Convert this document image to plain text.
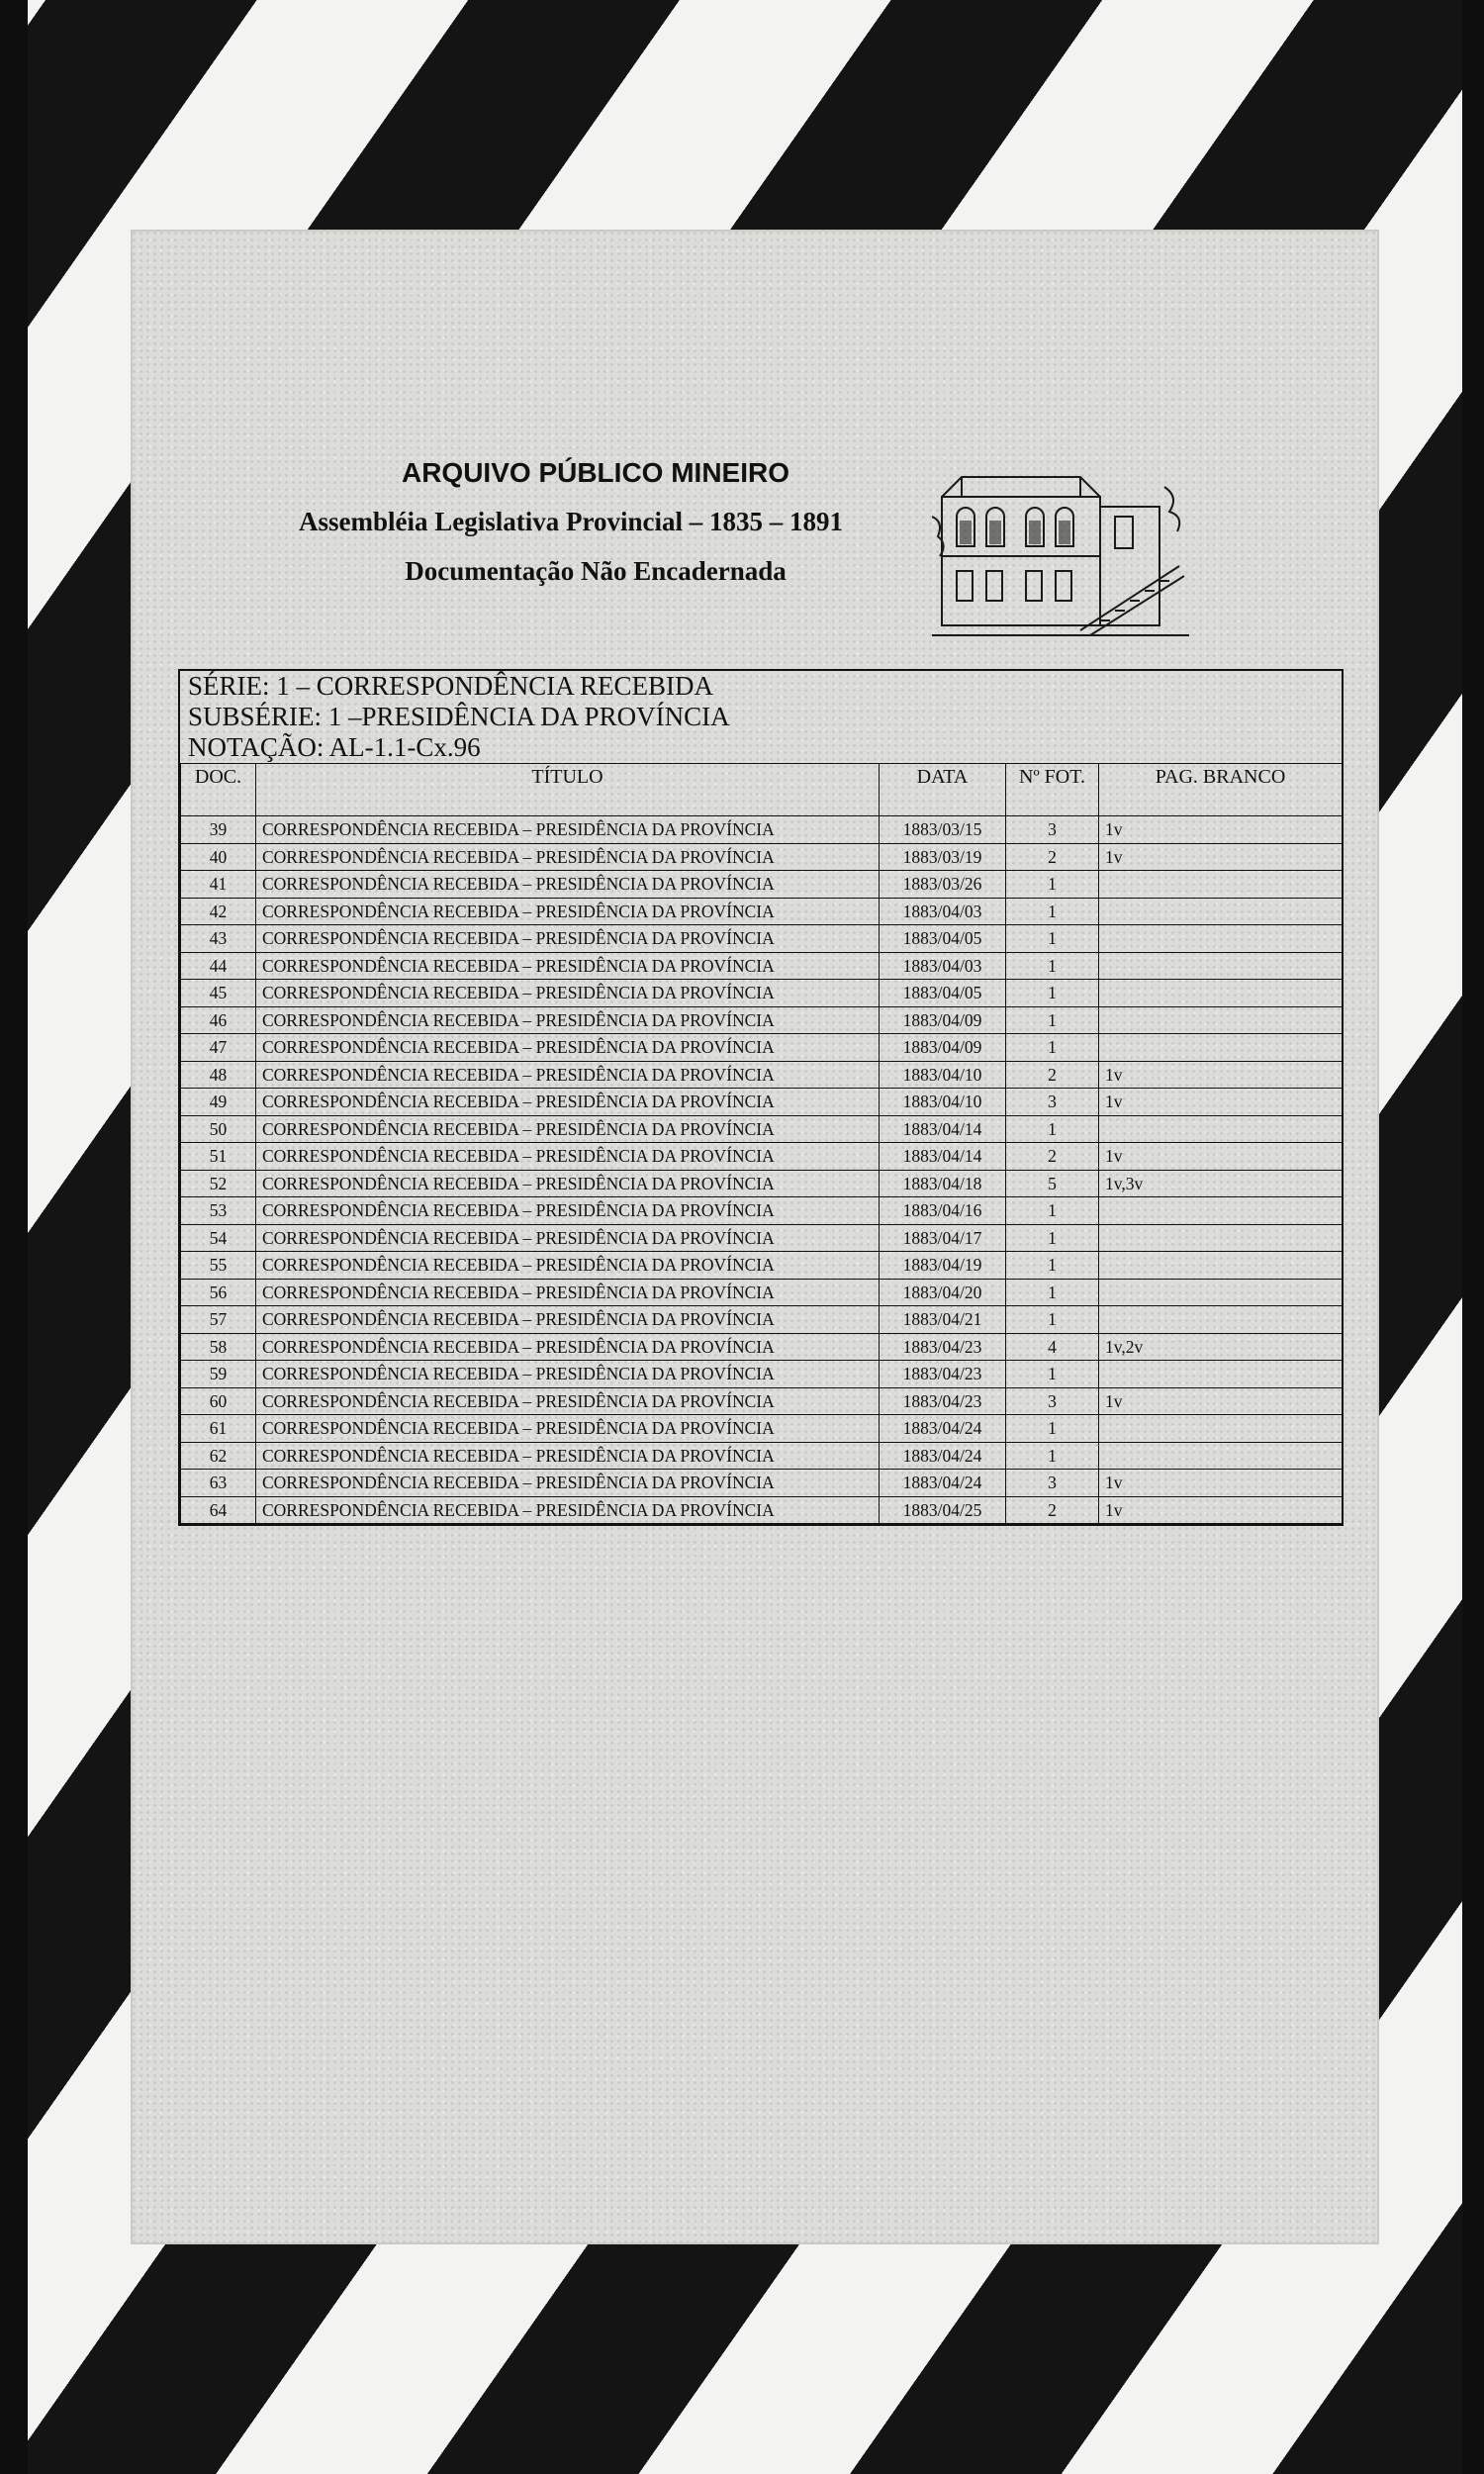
ARQUIVO PÚBLICO MINEIRO
Assembléia Legislativa Provincial – 1835 – 1891
Documentação Não Encadernada
SÉRIE: 1 – CORRESPONDÊNCIA RECEBIDA
SUBSÉRIE: 1 –PRESIDÊNCIA DA PROVÍNCIA
NOTAÇÃO: AL-1.1-Cx.96
DOC.	TÍTULO	DATA	Nº FOT.	PAG. BRANCO
39	CORRESPONDÊNCIA RECEBIDA – PRESIDÊNCIA DA PROVÍNCIA	1883/03/15	3	1v
40	CORRESPONDÊNCIA RECEBIDA – PRESIDÊNCIA DA PROVÍNCIA	1883/03/19	2	1v
41	CORRESPONDÊNCIA RECEBIDA – PRESIDÊNCIA DA PROVÍNCIA	1883/03/26	1	
42	CORRESPONDÊNCIA RECEBIDA – PRESIDÊNCIA DA PROVÍNCIA	1883/04/03	1	
43	CORRESPONDÊNCIA RECEBIDA – PRESIDÊNCIA DA PROVÍNCIA	1883/04/05	1	
44	CORRESPONDÊNCIA RECEBIDA – PRESIDÊNCIA DA PROVÍNCIA	1883/04/03	1	
45	CORRESPONDÊNCIA RECEBIDA – PRESIDÊNCIA DA PROVÍNCIA	1883/04/05	1	
46	CORRESPONDÊNCIA RECEBIDA – PRESIDÊNCIA DA PROVÍNCIA	1883/04/09	1	
47	CORRESPONDÊNCIA RECEBIDA – PRESIDÊNCIA DA PROVÍNCIA	1883/04/09	1	
48	CORRESPONDÊNCIA RECEBIDA – PRESIDÊNCIA DA PROVÍNCIA	1883/04/10	2	1v
49	CORRESPONDÊNCIA RECEBIDA – PRESIDÊNCIA DA PROVÍNCIA	1883/04/10	3	1v
50	CORRESPONDÊNCIA RECEBIDA – PRESIDÊNCIA DA PROVÍNCIA	1883/04/14	1	
51	CORRESPONDÊNCIA RECEBIDA – PRESIDÊNCIA DA PROVÍNCIA	1883/04/14	2	1v
52	CORRESPONDÊNCIA RECEBIDA – PRESIDÊNCIA DA PROVÍNCIA	1883/04/18	5	1v,3v
53	CORRESPONDÊNCIA RECEBIDA – PRESIDÊNCIA DA PROVÍNCIA	1883/04/16	1	
54	CORRESPONDÊNCIA RECEBIDA – PRESIDÊNCIA DA PROVÍNCIA	1883/04/17	1	
55	CORRESPONDÊNCIA RECEBIDA – PRESIDÊNCIA DA PROVÍNCIA	1883/04/19	1	
56	CORRESPONDÊNCIA RECEBIDA – PRESIDÊNCIA DA PROVÍNCIA	1883/04/20	1	
57	CORRESPONDÊNCIA RECEBIDA – PRESIDÊNCIA DA PROVÍNCIA	1883/04/21	1	
58	CORRESPONDÊNCIA RECEBIDA – PRESIDÊNCIA DA PROVÍNCIA	1883/04/23	4	1v,2v
59	CORRESPONDÊNCIA RECEBIDA – PRESIDÊNCIA DA PROVÍNCIA	1883/04/23	1	
60	CORRESPONDÊNCIA RECEBIDA – PRESIDÊNCIA DA PROVÍNCIA	1883/04/23	3	1v
61	CORRESPONDÊNCIA RECEBIDA – PRESIDÊNCIA DA PROVÍNCIA	1883/04/24	1	
62	CORRESPONDÊNCIA RECEBIDA – PRESIDÊNCIA DA PROVÍNCIA	1883/04/24	1	
63	CORRESPONDÊNCIA RECEBIDA – PRESIDÊNCIA DA PROVÍNCIA	1883/04/24	3	1v
64	CORRESPONDÊNCIA RECEBIDA – PRESIDÊNCIA DA PROVÍNCIA	1883/04/25	2	1v
